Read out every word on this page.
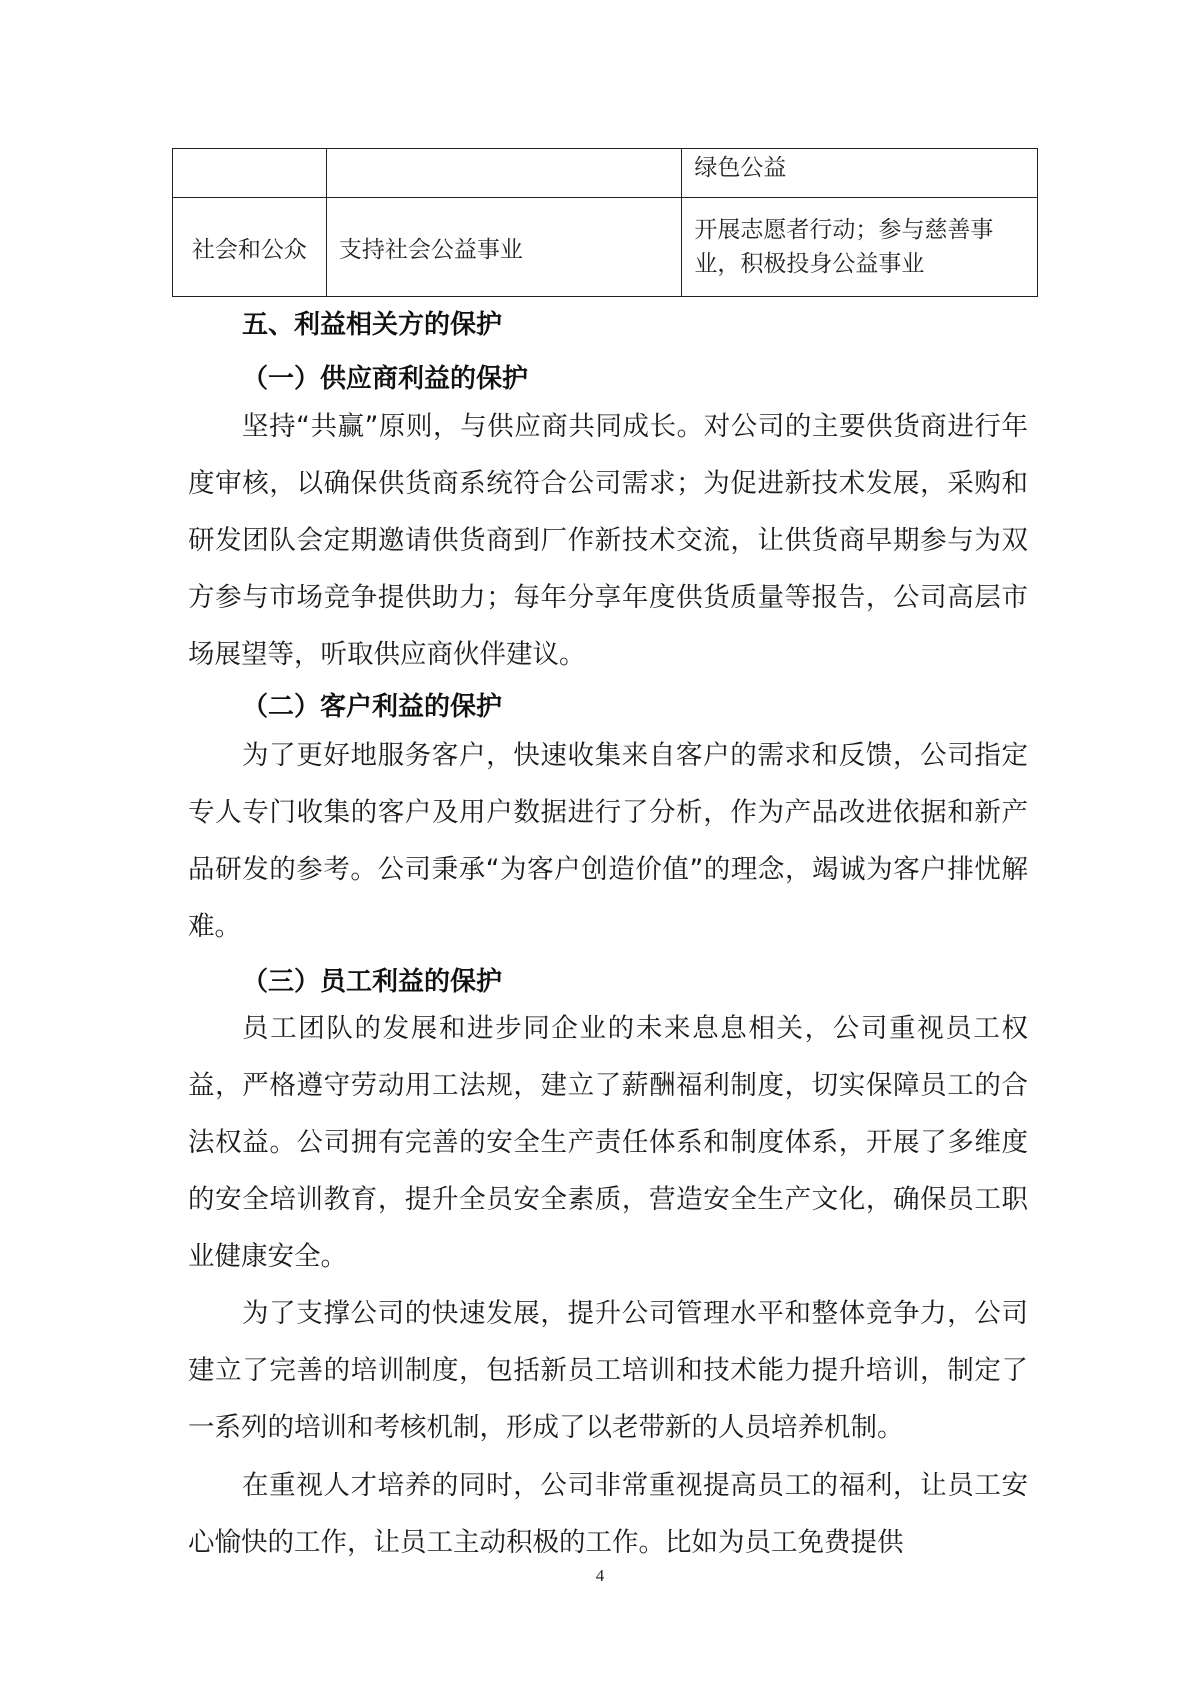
		绿色公益
社会和公众	支持社会公益事业	开展志愿者行动；参与慈善事业，积极投身公益事业
五、利益相关方的保护
（一）供应商利益的保护

坚持“共赢”原则，与供应商共同成长。对公司的主要供货商进行年度审核，以确保供货商系统符合公司需求；为促进新技术发展，采购和研发团队会定期邀请供货商到厂作新技术交流，让供货商早期参与为双方参与市场竞争提供助力；每年分享年度供货质量等报告，公司高层市场展望等，听取供应商伙伴建议。

（二）客户利益的保护

为了更好地服务客户，快速收集来自客户的需求和反馈，公司指定专人专门收集的客户及用户数据进行了分析，作为产品改进依据和新产品研发的参考。公司秉承“为客户创造价值”的理念，竭诚为客户排忧解难。

（三）员工利益的保护

员工团队的发展和进步同企业的未来息息相关，公司重视员工权益，严格遵守劳动用工法规，建立了薪酬福利制度，切实保障员工的合法权益。公司拥有完善的安全生产责任体系和制度体系，开展了多维度的安全培训教育，提升全员安全素质，营造安全生产文化，确保员工职业健康安全。

为了支撑公司的快速发展，提升公司管理水平和整体竞争力，公司建立了完善的培训制度，包括新员工培训和技术能力提升培训，制定了一系列的培训和考核机制，形成了以老带新的人员培养机制。

在重视人才培养的同时，公司非常重视提高员工的福利，让员工安心愉快的工作，让员工主动积极的工作。比如为员工免费提供

4
